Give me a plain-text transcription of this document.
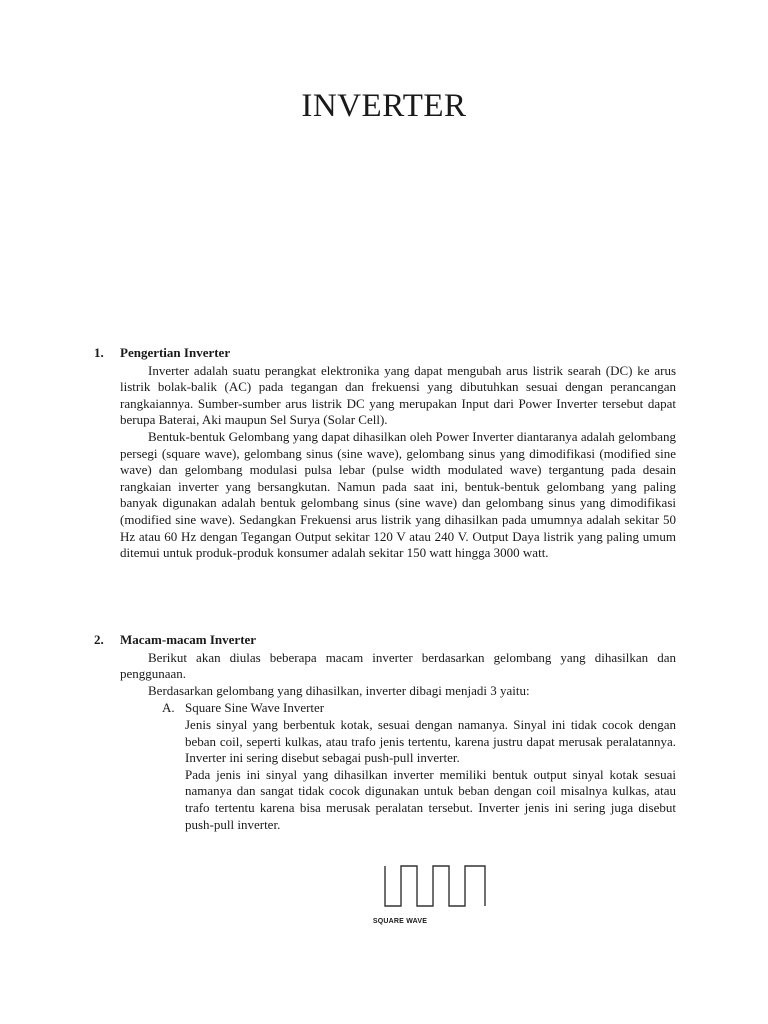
INVERTER
1.	Pengertian Inverter

Inverter adalah suatu perangkat elektronika yang dapat mengubah arus listrik searah (DC) ke arus listrik bolak-balik (AC) pada tegangan dan frekuensi yang dibutuhkan sesuai dengan perancangan rangkaiannya. Sumber-sumber arus listrik DC yang merupakan Input dari Power Inverter tersebut dapat berupa Baterai, Aki maupun Sel Surya (Solar Cell).

Bentuk-bentuk Gelombang yang dapat dihasilkan oleh Power Inverter diantaranya adalah gelombang persegi (square wave), gelombang sinus (sine wave), gelombang sinus yang dimodifikasi (modified sine wave) dan gelombang modulasi pulsa lebar (pulse width modulated wave) tergantung pada desain rangkaian inverter yang bersangkutan. Namun pada saat ini, bentuk-bentuk gelombang yang paling banyak digunakan adalah bentuk gelombang sinus (sine wave) dan gelombang sinus yang dimodifikasi (modified sine wave). Sedangkan Frekuensi arus listrik yang dihasilkan pada umumnya adalah sekitar 50 Hz atau 60 Hz dengan Tegangan Output sekitar 120 V atau 240 V. Output Daya listrik yang paling umum ditemui untuk produk-produk konsumer adalah sekitar 150 watt hingga 3000 watt.

2.	Macam-macam Inverter

Berikut akan diulas beberapa macam inverter berdasarkan gelombang yang dihasilkan dan penggunaan.

Berdasarkan gelombang yang dihasilkan, inverter dibagi menjadi 3 yaitu:

A. Square Sine Wave Inverter

Jenis sinyal yang berbentuk kotak, sesuai dengan namanya. Sinyal ini tidak cocok dengan beban coil, seperti kulkas, atau trafo jenis tertentu, karena justru dapat merusak peralatannya. Inverter ini sering disebut sebagai push-pull inverter.

Pada jenis ini sinyal yang dihasilkan inverter memiliki bentuk output sinyal kotak sesuai namanya dan sangat tidak cocok digunakan untuk beban dengan coil misalnya kulkas, atau trafo tertentu karena bisa merusak peralatan tersebut. Inverter jenis ini sering juga disebut push-pull inverter.

SQUARE WAVE
